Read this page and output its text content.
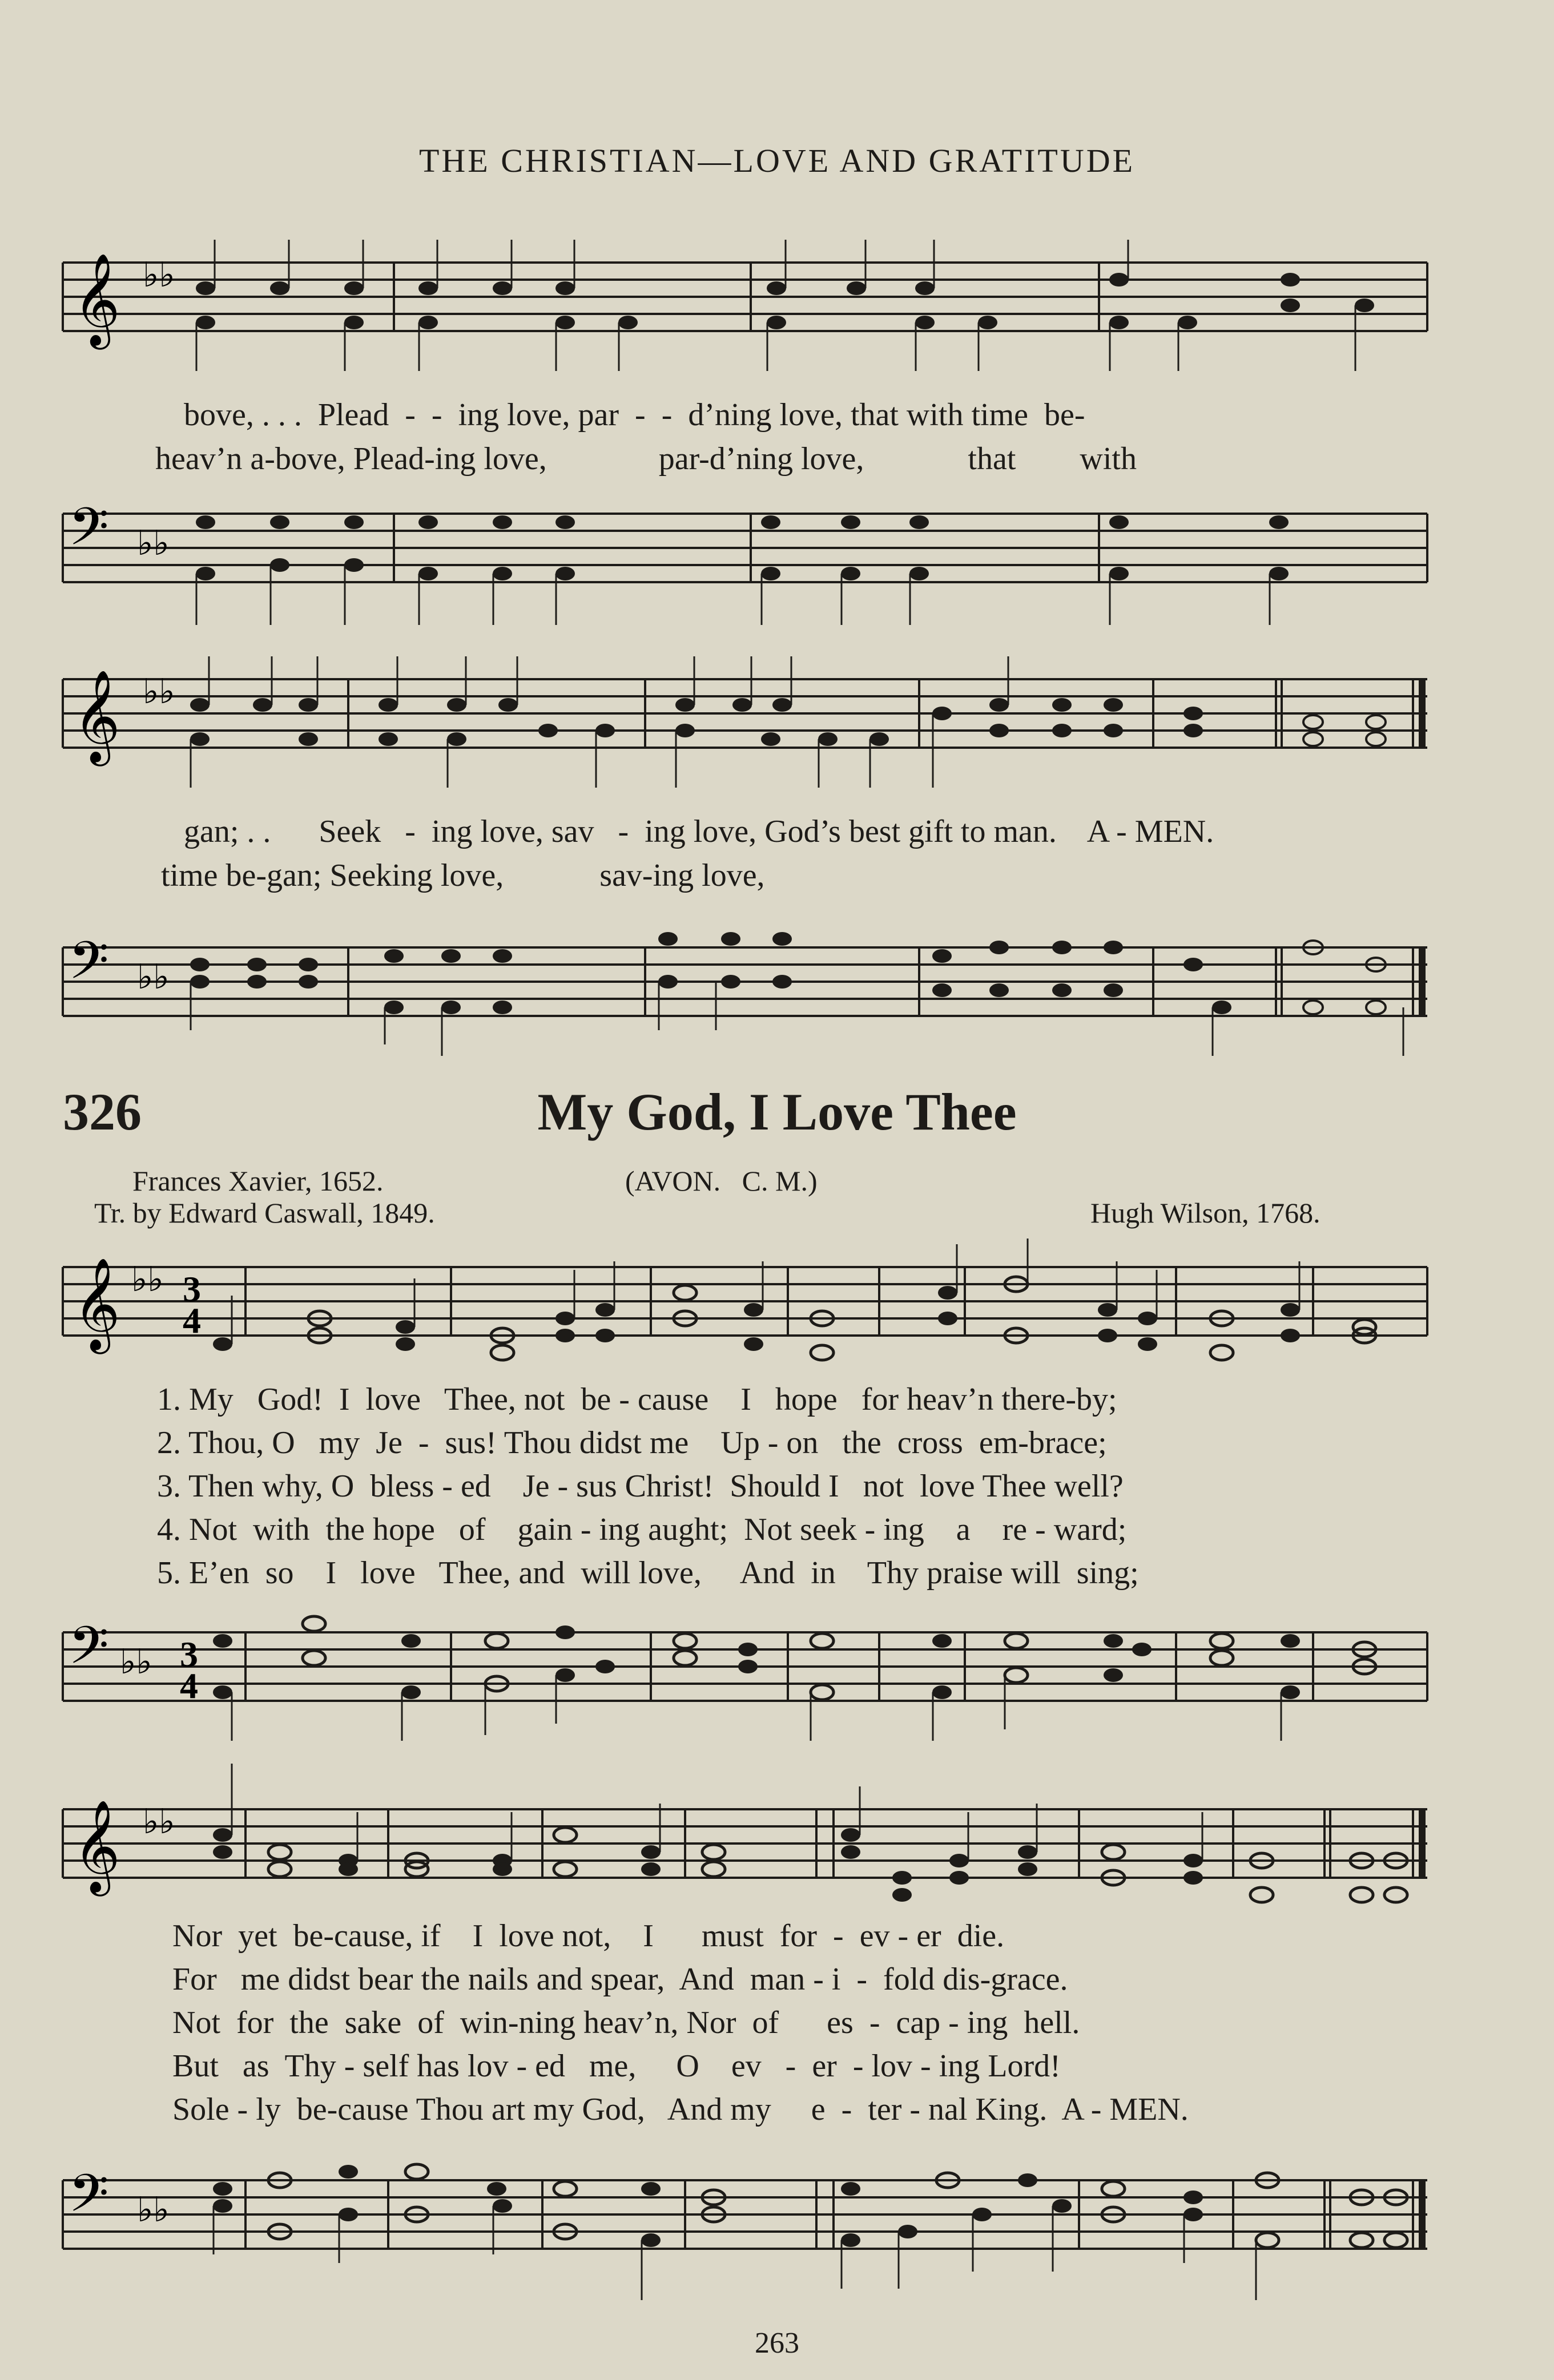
THE CHRISTIAN—LOVE AND GRATITUDE
𝄞 ♭♭
bove, . . .  Plead  -  -  ing love, par  -  -  d’ning love, that with time  be-
heav’n a-bove, Plead-ing love,              par-d’ning love,             that        with
𝄢 ♭♭
𝄞 ♭♭
gan; . .      Seek   -  ing love, sav   -  ing love, God’s best gift to man.    A - MEN.
time be-gan; Seeking love,            sav-ing love,
𝄢 ♭♭
326	My God, I Love Thee
Frances Xavier, 1652.	(AVON.   C. M.)
Tr. by Edward Caswall, 1849.	Hugh Wilson, 1768.
𝄞 ♭♭ 3
4
1. My   God!  I  love   Thee, not  be - cause    I   hope   for heav’n there-by;
2. Thou, O   my  Je  -  sus! Thou didst me    Up - on   the  cross  em-brace;
3. Then why, O  bless - ed    Je - sus Christ!  Should I   not  love Thee well?
4. Not  with  the hope   of    gain - ing aught;  Not seek - ing    a    re - ward;
5. E’en  so    I   love   Thee, and  will love,     And  in    Thy praise will  sing;
𝄢 ♭♭ 3
4
𝄞 ♭♭
Nor  yet  be-cause, if    I  love not,    I      must  for  -  ev - er  die.
For   me didst bear the nails and spear,  And  man - i  -  fold dis-grace.
Not  for  the  sake  of  win-ning heav’n, Nor  of      es  -  cap - ing  hell.
But   as  Thy - self has lov - ed   me,     O    ev   -  er  - lov - ing Lord!
Sole - ly  be-cause Thou art my God,   And my     e  -  ter - nal King.  A - MEN.
𝄢 ♭♭
263
